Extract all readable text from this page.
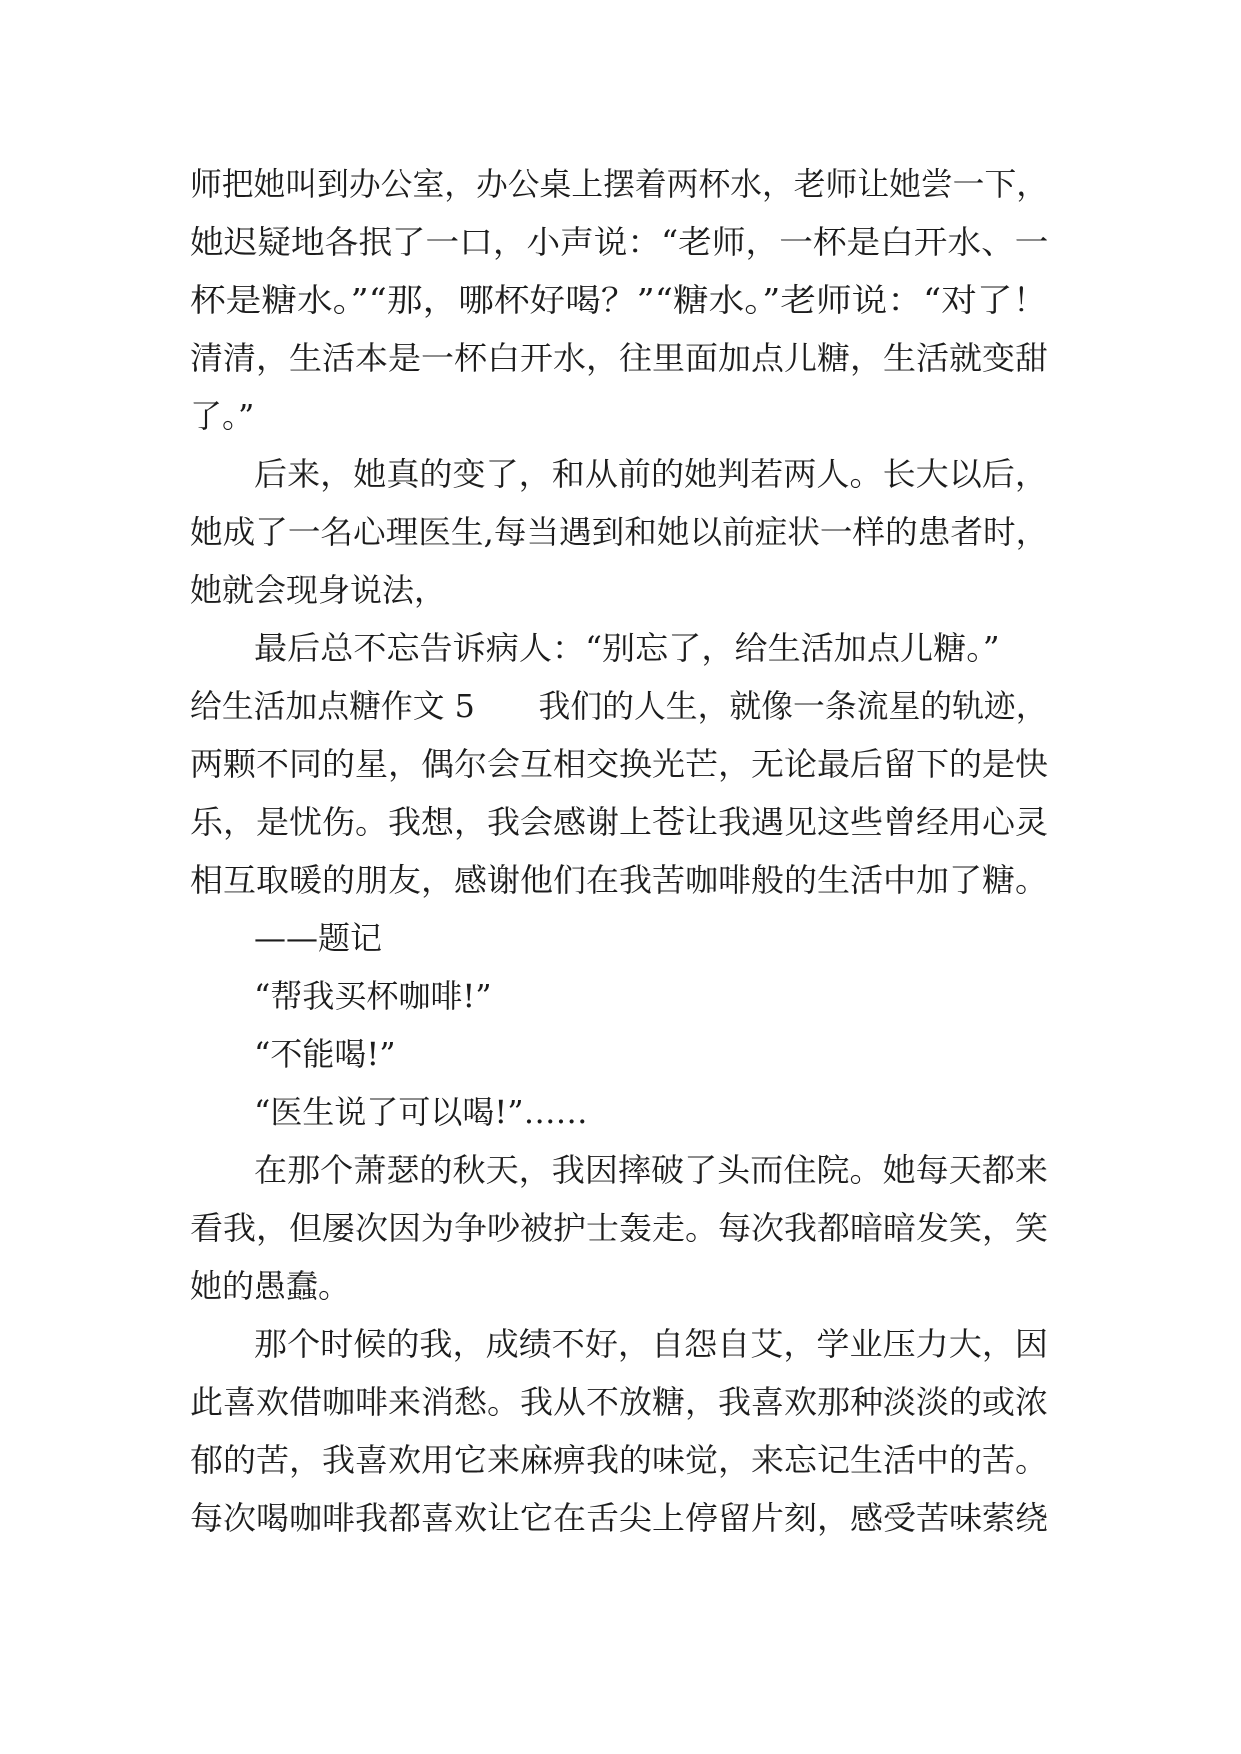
师把她叫到办公室，办公桌上摆着两杯水，老师让她尝一下，

她迟疑地各抿了一口，小声说：“老师，一杯是白开水、一

杯是糖水。”“那，哪杯好喝？”“糖水。”老师说：“对了！

清清，生活本是一杯白开水，往里面加点儿糖，生活就变甜

了。”

后来，她真的变了，和从前的她判若两人。长大以后，

她成了一名心理医生,每当遇到和她以前症状一样的患者时，

她就会现身说法，

最后总不忘告诉病人：“别忘了，给生活加点儿糖。”

给生活加点糖作文 5　　我们的人生，就像一条流星的轨迹，

两颗不同的星，偶尔会互相交换光芒，无论最后留下的是快

乐，是忧伤。我想，我会感谢上苍让我遇见这些曾经用心灵

相互取暖的朋友，感谢他们在我苦咖啡般的生活中加了糖。

——题记

“帮我买杯咖啡!”

“不能喝!”

“医生说了可以喝!”……

在那个萧瑟的秋天，我因摔破了头而住院。她每天都来

看我，但屡次因为争吵被护士轰走。每次我都暗暗发笑，笑

她的愚蠢。

那个时候的我，成绩不好，自怨自艾，学业压力大，因

此喜欢借咖啡来消愁。我从不放糖，我喜欢那种淡淡的或浓

郁的苦，我喜欢用它来麻痹我的味觉，来忘记生活中的苦。

每次喝咖啡我都喜欢让它在舌尖上停留片刻，感受苦味萦绕
